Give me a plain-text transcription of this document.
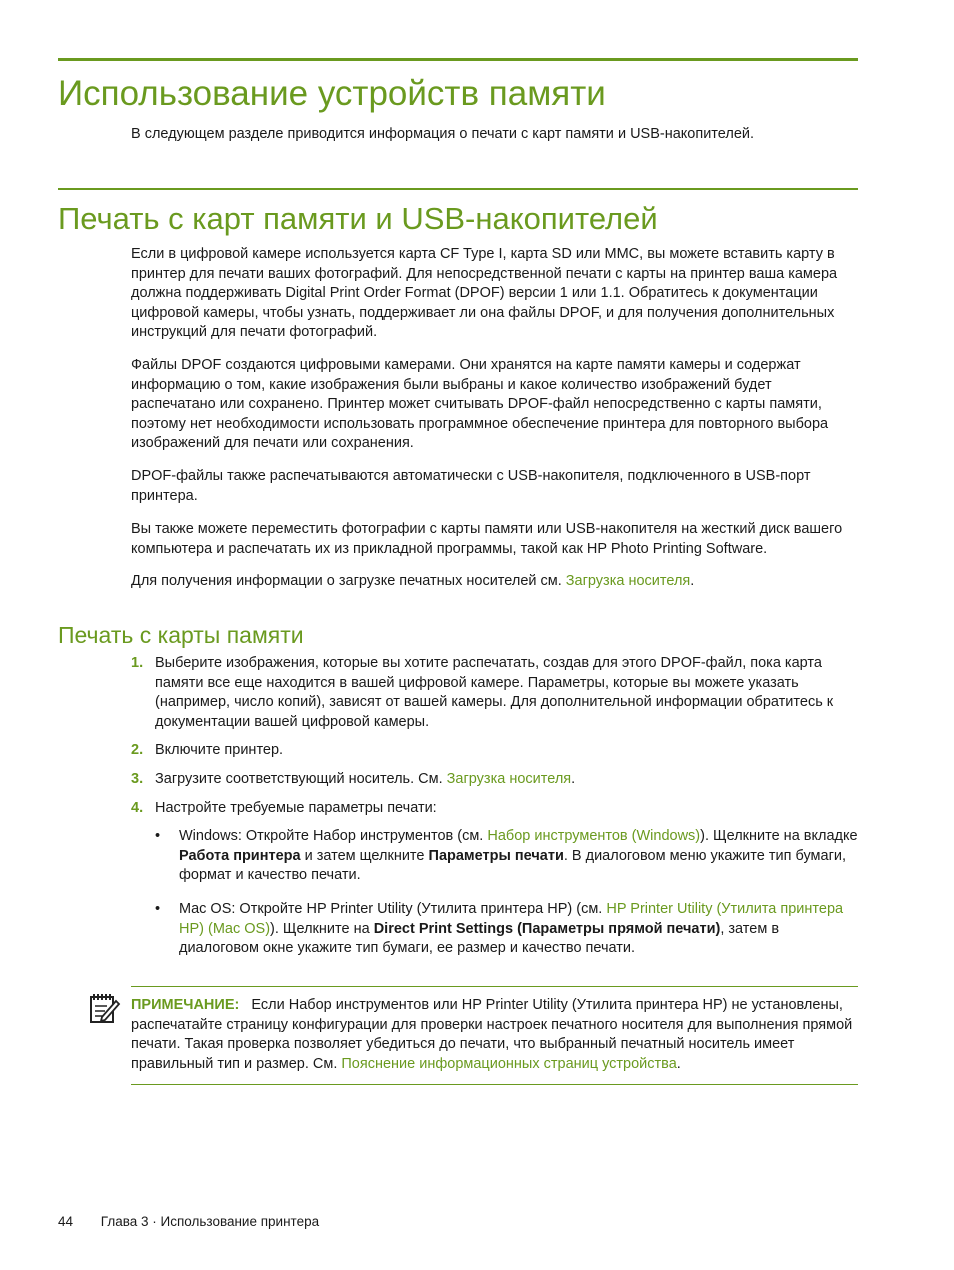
Использование устройств памяти

В следующем разделе приводится информация о печати с карт памяти и USB-накопителей.

Печать с карт памяти и USB-накопителей

Если в цифровой камере используется карта CF Type I, карта SD или MMC, вы можете вставить карту в принтер для печати ваших фотографий. Для непосредственной печати с карты на принтер ваша камера должна поддерживать Digital Print Order Format (DPOF) версии 1 или 1.1. Обратитесь к документации цифровой камеры, чтобы узнать, поддерживает ли она файлы DPOF, и для получения дополнительных инструкций для печати фотографий.

Файлы DPOF создаются цифровыми камерами. Они хранятся на карте памяти камеры и содержат информацию о том, какие изображения были выбраны и какое количество изображений будет распечатано или сохранено. Принтер может считывать DPOF-файл непосредственно с карты памяти, поэтому нет необходимости использовать программное обеспечение принтера для повторного выбора изображений для печати или сохранения.

DPOF-файлы также распечатываются автоматически с USB-накопителя, подключенного в USB-порт принтера.

Вы также можете переместить фотографии с карты памяти или USB-накопителя на жесткий диск вашего компьютера и распечатать их из прикладной программы, такой как HP Photo Printing Software.

Для получения информации о загрузке печатных носителей см. Загрузка носителя.

Печать с карты памяти
1. Выберите изображения, которые вы хотите распечатать, создав для этого DPOF-файл, пока карта памяти все еще находится в вашей цифровой камере. Параметры, которые вы можете указать (например, число копий), зависят от вашей камеры. Для дополнительной информации обратитесь к документации вашей цифровой камеры.
2. Включите принтер.
3. Загрузите соответствующий носитель. См. Загрузка носителя.
4. Настройте требуемые параметры печати:
• Windows: Откройте Набор инструментов (см. Набор инструментов (Windows)). Щелкните на вкладке Работа принтера и затем щелкните Параметры печати. В диалоговом меню укажите тип бумаги, формат и качество печати.
• Mac OS: Откройте HP Printer Utility (Утилита принтера HP) (см. HP Printer Utility (Утилита принтера HP) (Mac OS)). Щелкните на Direct Print Settings (Параметры прямой печати), затем в диалоговом окне укажите тип бумаги, ее размер и качество печати.

ПРИМЕЧАНИЕ:   Если Набор инструментов или HP Printer Utility (Утилита принтера HP) не установлены, распечатайте страницу конфигурации для проверки настроек печатного носителя для выполнения прямой печати. Такая проверка позволяет убедиться до печати, что выбранный печатный носитель имеет правильный тип и размер. См. Пояснение информационных страниц устройства.

44 Глава 3 · Использование принтера
